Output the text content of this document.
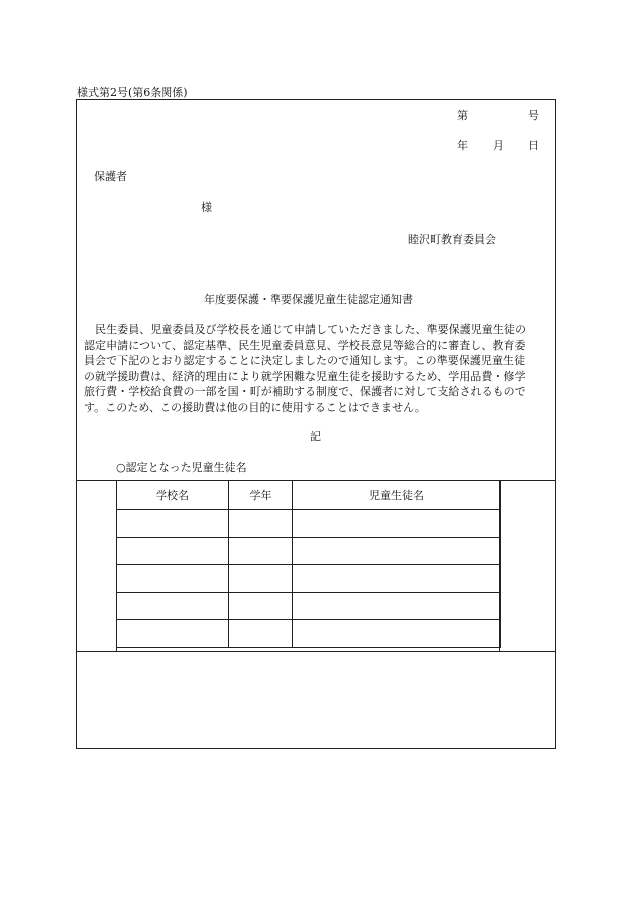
様式第2号(第6条関係)
第	号
年 月 日
保護者
様
睦沢町教育委員会
年度要保護・準要保護児童生徒認定通知書

　民生委員、児童委員及び学校長を通じて申請していただきました、準要保護児童生徒の

認定申請について、認定基準、民生児童委員意見、学校長意見等総合的に審査し、教育委

員会で下記のとおり認定することに決定しましたので通知します。この準要保護児童生徒

の就学援助費は、経済的理由により就学困難な児童生徒を援助するため、学用品費・修学

旅行費・学校給食費の一部を国・町が補助する制度で、保護者に対して支給されるもので

す。このため、この援助費は他の目的に使用することはできません。

記
○認定となった児童生徒名
学校名	学年	児童生徒名
